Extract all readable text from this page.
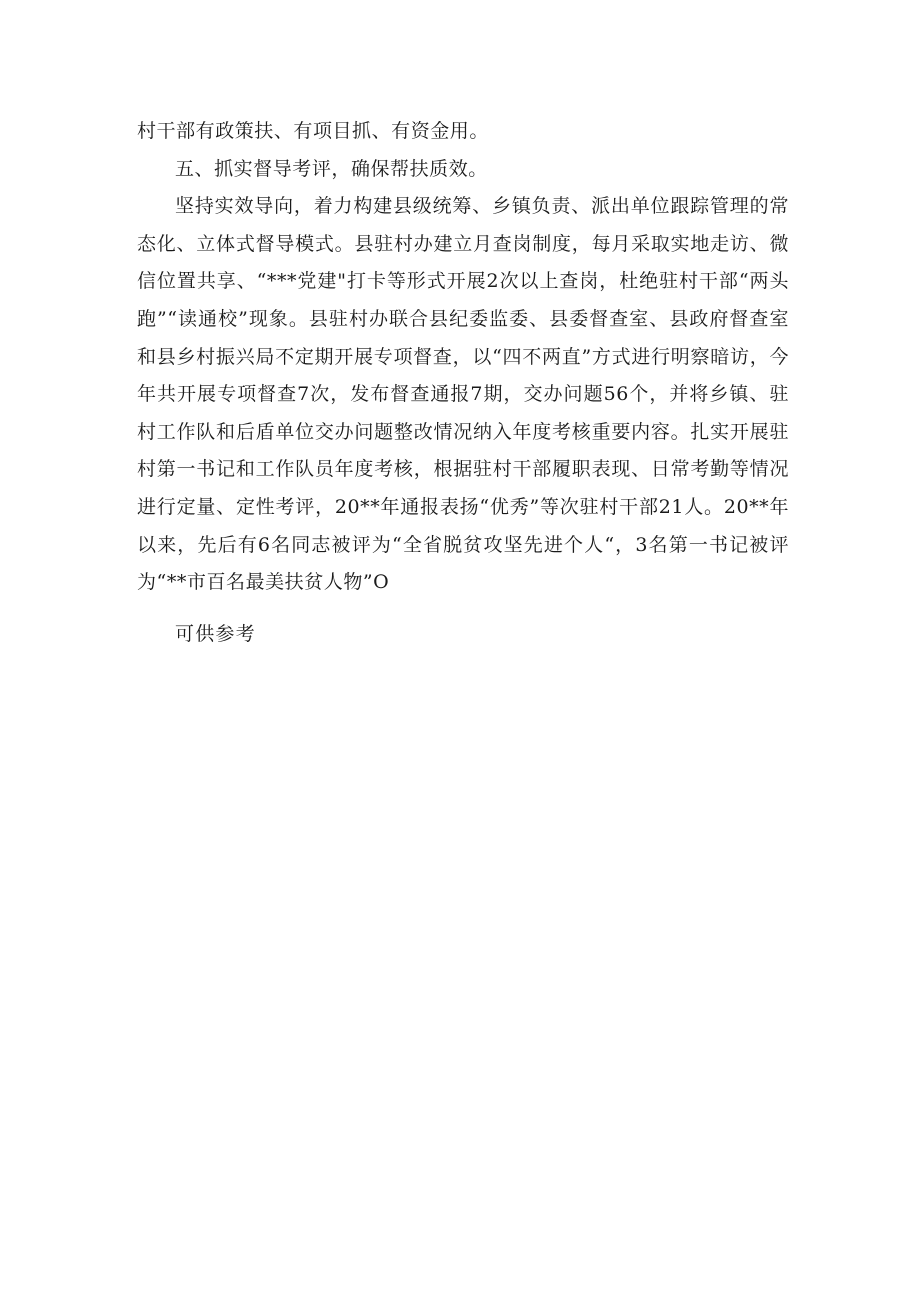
村干部有政策扶、有项目抓、有资金用。

五、抓实督导考评，确保帮扶质效。

坚持实效导向，着力构建县级统筹、乡镇负责、派出单位跟踪管理的常态化、立体式督导模式。县驻村办建立月查岗制度，每月采取实地走访、微信位置共享、“***党建"打卡等形式开展2次以上查岗，杜绝驻村干部“两头跑”“读通校”现象。县驻村办联合县纪委监委、县委督查室、县政府督查室和县乡村振兴局不定期开展专项督查，以“四不两直”方式进行明察暗访，今年共开展专项督查7次，发布督查通报7期，交办问题56个，并将乡镇、驻村工作队和后盾单位交办问题整改情况纳入年度考核重要内容。扎实开展驻村第一书记和工作队员年度考核，根据驻村干部履职表现、日常考勤等情况进行定量、定性考评，20**年通报表扬“优秀”等次驻村干部21人。20**年以来，先后有6名同志被评为“全省脱贫攻坚先进个人“，3名第一书记被评为“**市百名最美扶贫人物”O

可供参考
